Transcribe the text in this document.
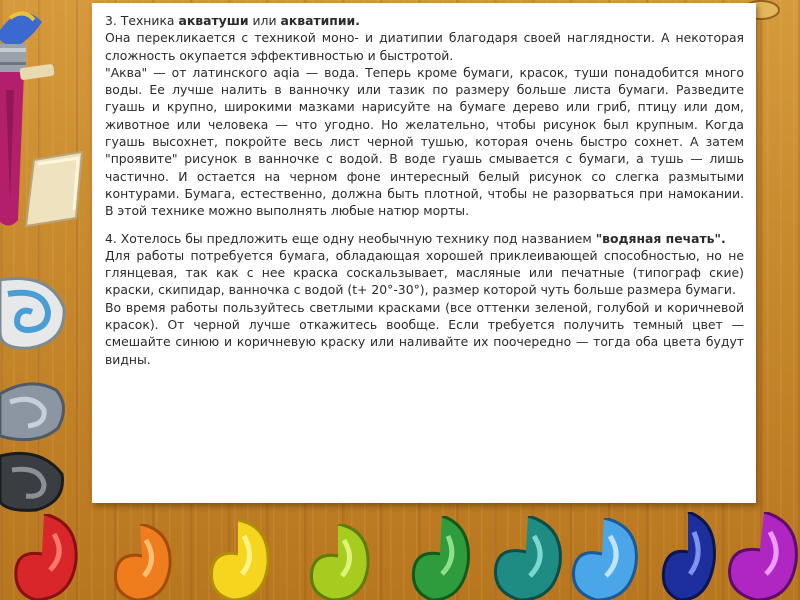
3. Техника акватуши или акватипии.

Она перекликается с техникой моно- и диатипии благодаря своей наглядности. А некоторая сложность окупается эффективностью и быстротой.

"Аква" — от латинского aqia — вода. Теперь кроме бумаги, красок, туши понадобится много воды. Ее лучше налить в ванночку или тазик по размеру больше листа бумаги. Разведите гуашь и крупно, широкими мазками нарисуйте на бумаге дерево или гриб, птицу или дом, животное или человека — что угодно. Но желательно, чтобы рисунок был крупным. Когда гуашь высохнет, покройте весь лист черной тушью, которая очень быстро сохнет. А затем "проявите" рисунок в ванночке с водой. В воде гуашь смывается с бумаги, а тушь — лишь частично. И остается на черном фоне интересный белый рисунок со слегка размытыми контурами. Бумага, естественно, должна быть плотной, чтобы не разорваться при намокании. В этой технике можно выполнять любые натюр морты.

4. Хотелось бы предложить еще одну необычную технику под названием "водяная печать".

Для работы потребуется бумага, обладающая хорошей приклеивающей способностью, но не глянцевая, так как с нее краска соскальзывает, масляные или печатные (типограф ские) краски, скипидар, ванночка с водой (t+ 20°-30°), размер которой чуть больше размера бумаги.

Во время работы пользуйтесь светлыми красками (все оттенки зеленой, голубой и коричневой красок). От черной лучше откажитесь вообще. Если требуется получить темный цвет — смешайте синюю и коричневую краску или наливайте их поочередно — тогда оба цвета будут видны.
